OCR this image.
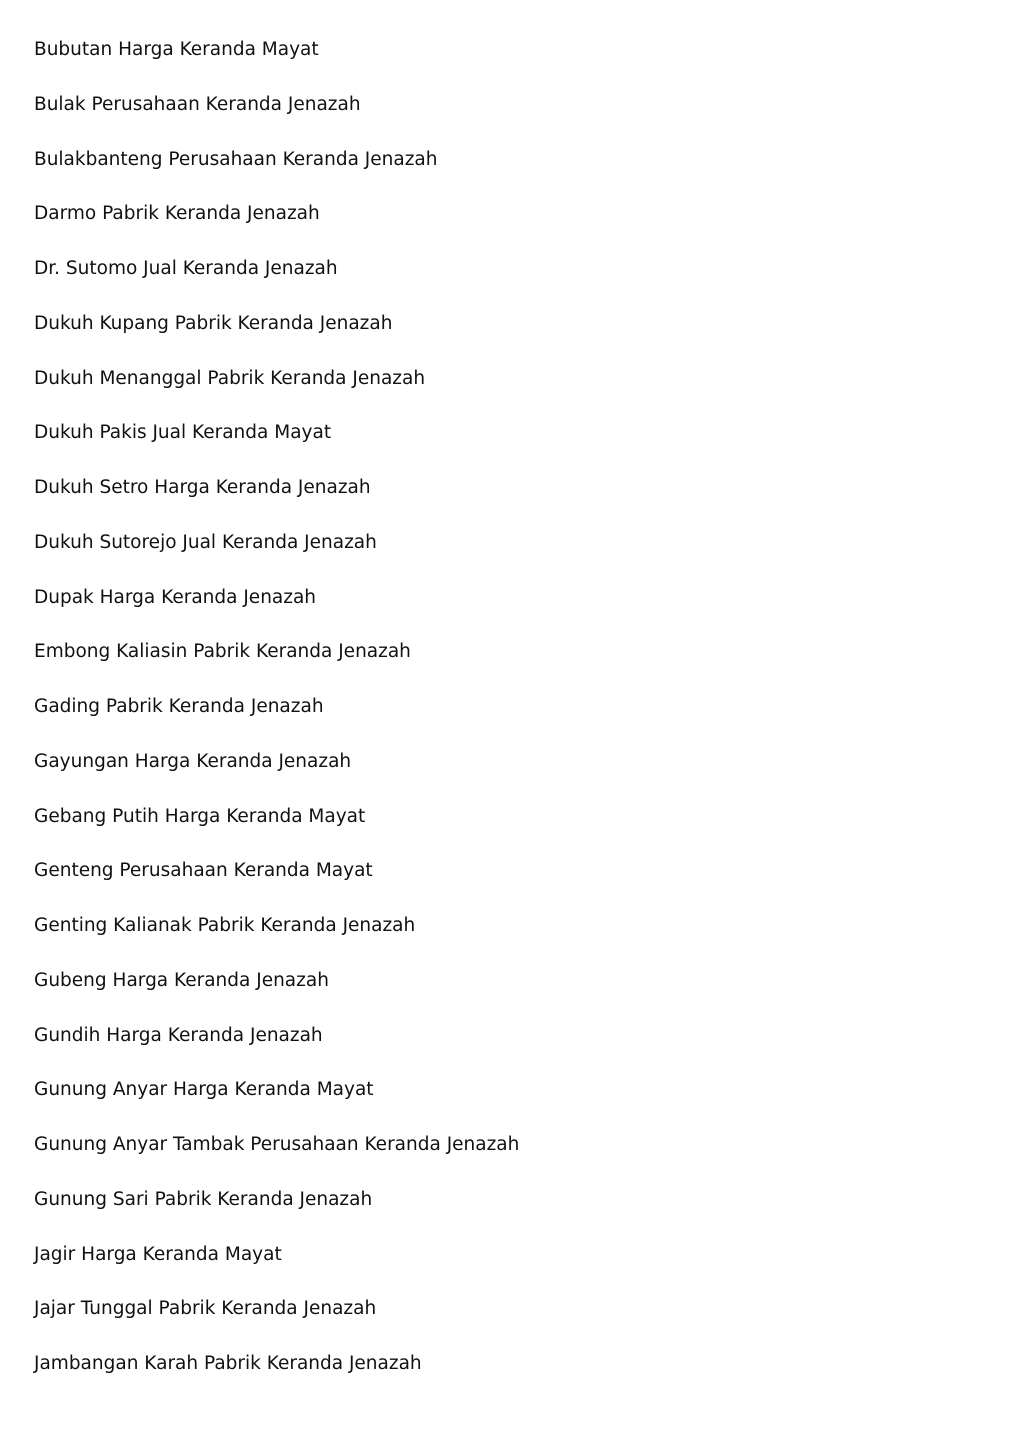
Bubutan Harga Keranda Mayat
Bulak Perusahaan Keranda Jenazah
Bulakbanteng Perusahaan Keranda Jenazah
Darmo Pabrik Keranda Jenazah
Dr. Sutomo Jual Keranda Jenazah
Dukuh Kupang Pabrik Keranda Jenazah
Dukuh Menanggal Pabrik Keranda Jenazah
Dukuh Pakis Jual Keranda Mayat
Dukuh Setro Harga Keranda Jenazah
Dukuh Sutorejo Jual Keranda Jenazah
Dupak Harga Keranda Jenazah
Embong Kaliasin Pabrik Keranda Jenazah
Gading Pabrik Keranda Jenazah
Gayungan Harga Keranda Jenazah
Gebang Putih Harga Keranda Mayat
Genteng Perusahaan Keranda Mayat
Genting Kalianak Pabrik Keranda Jenazah
Gubeng Harga Keranda Jenazah
Gundih Harga Keranda Jenazah
Gunung Anyar Harga Keranda Mayat
Gunung Anyar Tambak Perusahaan Keranda Jenazah
Gunung Sari Pabrik Keranda Jenazah
Jagir Harga Keranda Mayat
Jajar Tunggal Pabrik Keranda Jenazah
Jambangan Karah Pabrik Keranda Jenazah
